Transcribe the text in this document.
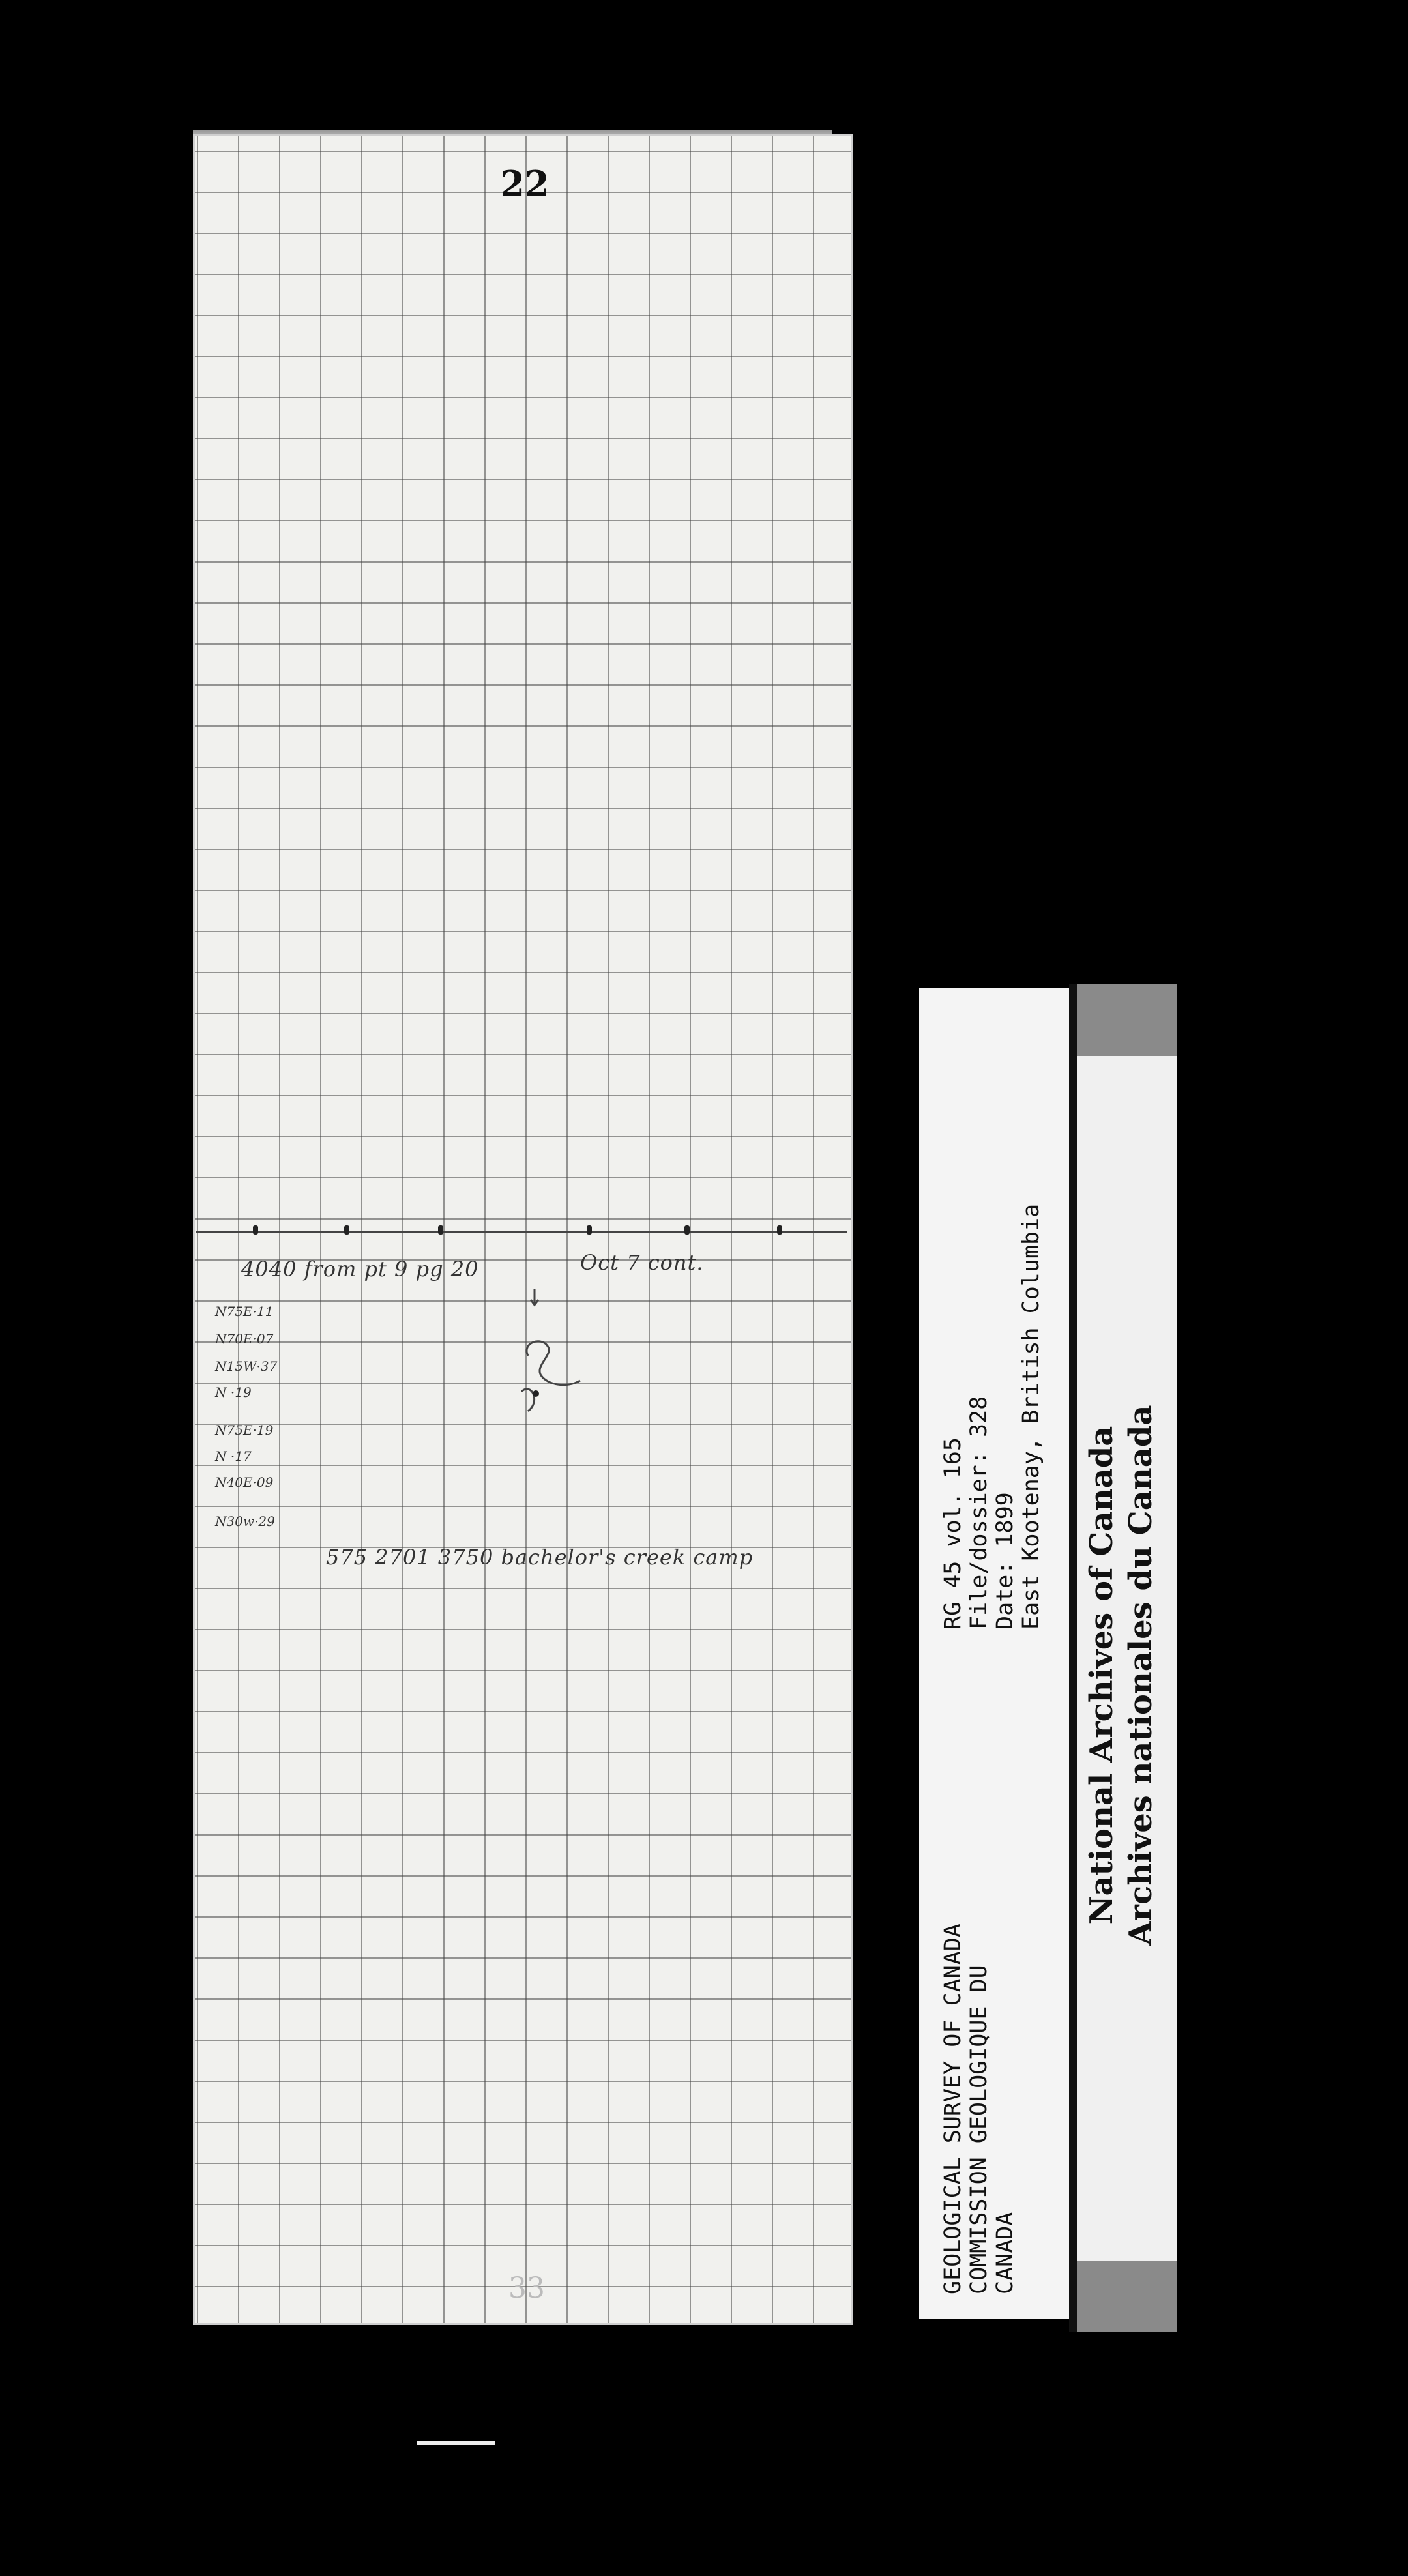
22
4040 from pt 9 pg 20	Oct 7 cont.
N75E·11
N70E·07
N15W·37
N ·19
N75E·19
N ·17
N40E·09
N30w·29
575 2701 3750 bachelor's creek camp
33	GEOLOGICAL SURVEY OF CANADA COMMISSION GEOLOGIQUE DU CANADA
RG 45 vol. 165 File/dossier: 328 Date: 1899 East Kootenay, British Columbia
National Archives of Canada Archives nationales du Canada
